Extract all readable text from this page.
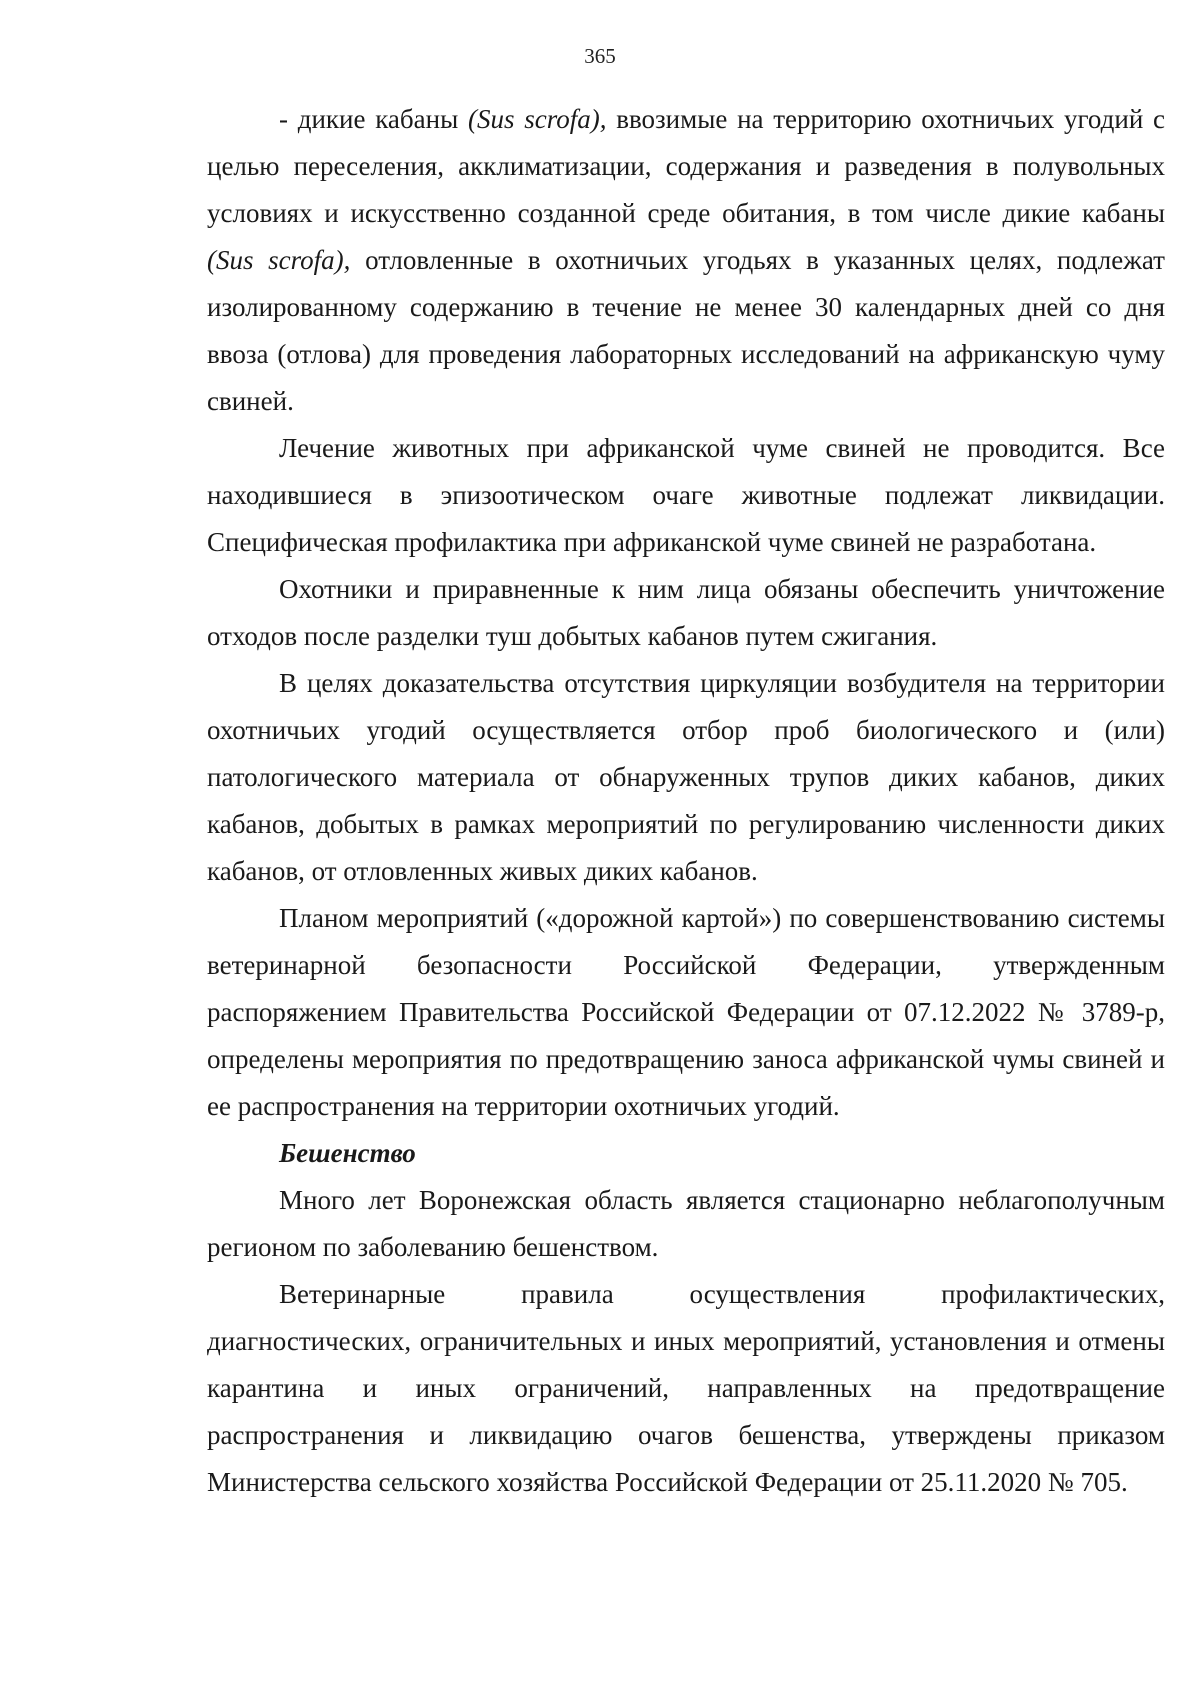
365

- дикие кабаны (Sus scrofa), ввозимые на территорию охотничьих угодий с целью переселения, акклиматизации, содержания и разведения в полувольных условиях и искусственно созданной среде обитания, в том числе дикие кабаны (Sus scrofa), отловленные в охотничьих угодьях в указанных целях, подлежат изолированному содержанию в течение не менее 30 календарных дней со дня ввоза (отлова) для проведения лабораторных исследований на африканскую чуму свиней.

Лечение животных при африканской чуме свиней не проводится. Все находившиеся в эпизоотическом очаге животные подлежат ликвидации. Специфическая профилактика при африканской чуме свиней не разработана.

Охотники и приравненные к ним лица обязаны обеспечить уничтожение отходов после разделки туш добытых кабанов путем сжигания.

В целях доказательства отсутствия циркуляции возбудителя на территории охотничьих угодий осуществляется отбор проб биологического и (или) патологического материала от обнаруженных трупов диких кабанов, диких кабанов, добытых в рамках мероприятий по регулированию численности диких кабанов, от отловленных живых диких кабанов.

Планом мероприятий («дорожной картой») по совершенствованию системы ветеринарной безопасности Российской Федерации, утвержденным распоряжением Правительства Российской Федерации от 07.12.2022 № 3789-р, определены мероприятия по предотвращению заноса африканской чумы свиней и ее распространения на территории охотничьих угодий.

Бешенство

Много лет Воронежская область является стационарно неблагополучным регионом по заболеванию бешенством.

Ветеринарные правила осуществления профилактических, диагностических, ограничительных и иных мероприятий, установления и отмены карантина и иных ограничений, направленных на предотвращение распространения и ликвидацию очагов бешенства, утверждены приказом Министерства сельского хозяйства Российской Федерации от 25.11.2020 № 705.
